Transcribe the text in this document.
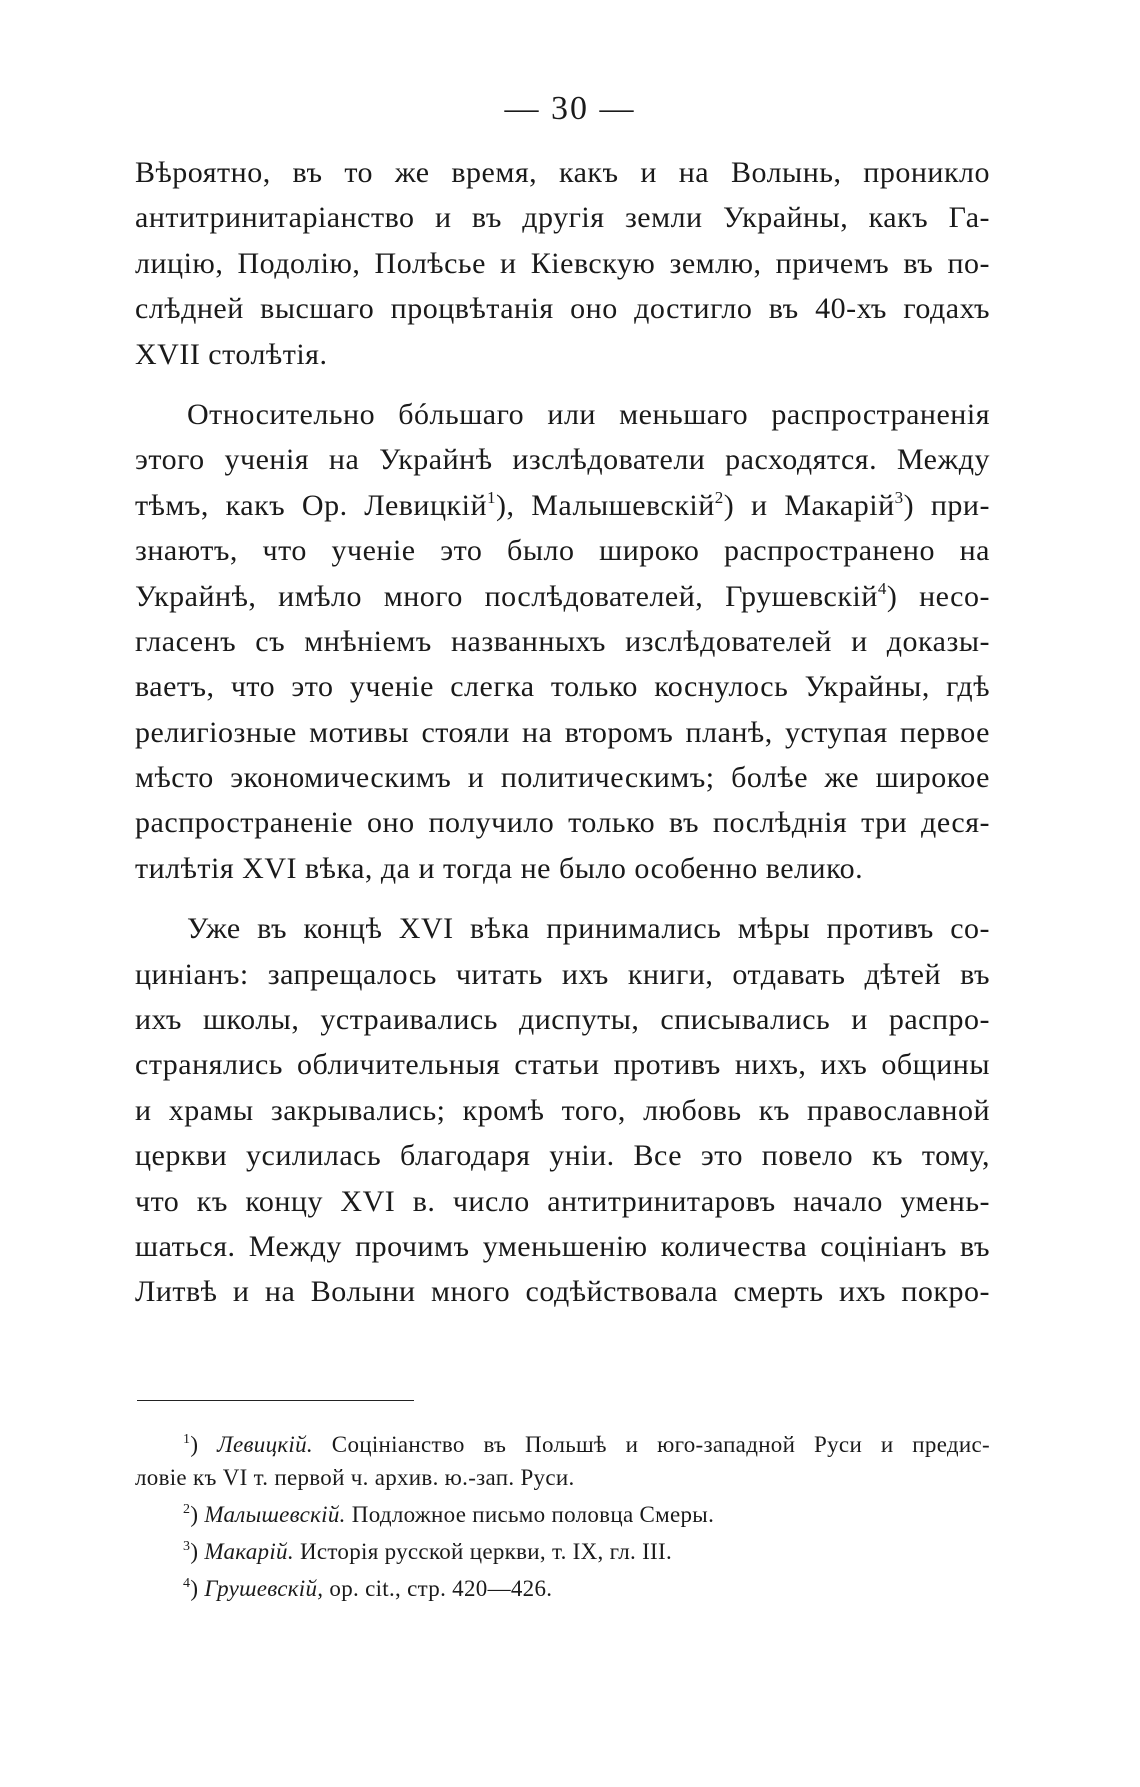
— 30 —

Вѣроятно, въ то же время, какъ и на Волынь, проникло
антитринитаріанство и въ другія земли Украйны, какъ Га-
лицію, Подолію, Полѣсье и Кіевскую землю, причемъ въ по-
слѣдней высшаго процвѣтанія оно достигло въ 40-хъ годахъ
XVII столѣтія.

Относительно бóльшаго или меньшаго распространенія
этого ученія на Украйнѣ изслѣдователи расходятся. Между
тѣмъ, какъ Ор. Левицкій$^1$), Малышевскій$^2$) и Макарій$^3$) при-
знаютъ, что ученіе это было широко распространено на
Украйнѣ, имѣло много послѣдователей, Грушевскій$^4$) несо-
гласенъ съ мнѣніемъ названныхъ изслѣдователей и доказы-
ваетъ, что это ученіе слегка только коснулось Украйны, гдѣ
религіозные мотивы стояли на второмъ планѣ, уступая первое
мѣсто экономическимъ и политическимъ; болѣе же широкое
распространеніе оно получило только въ послѣднія три деся-
тилѣтія XVI вѣка, да и тогда не было особенно велико.

Уже въ концѣ XVI вѣка принимались мѣры противъ со-
циніанъ: запрещалось читать ихъ книги, отдавать дѣтей въ
ихъ школы, устраивались диспуты, списывались и распро-
странялись обличительныя статьи противъ нихъ, ихъ общины
и храмы закрывались; кромѣ того, любовь къ православной
церкви усилилась благодаря уніи. Все это повело къ тому,
что къ концу XVI в. число антитринитаровъ начало умень-
шаться. Между прочимъ уменьшенію количества соцініанъ въ
Литвѣ и на Волыни много содѣйствовала смерть ихъ покро-

$^1$) Левицкій. Соцiніанство въ Польшѣ и юго-западной Руси и предис-
ловіе къ VI т. первой ч. архив. ю.-зап. Руси.
$^2$) Малышевскій. Подложное письмо половца Смеры.
$^3$) Макарій. Исторія русской церкви, т. IX, гл. III.
$^4$) Грушевскій, op. cit., стр. 420—426.
